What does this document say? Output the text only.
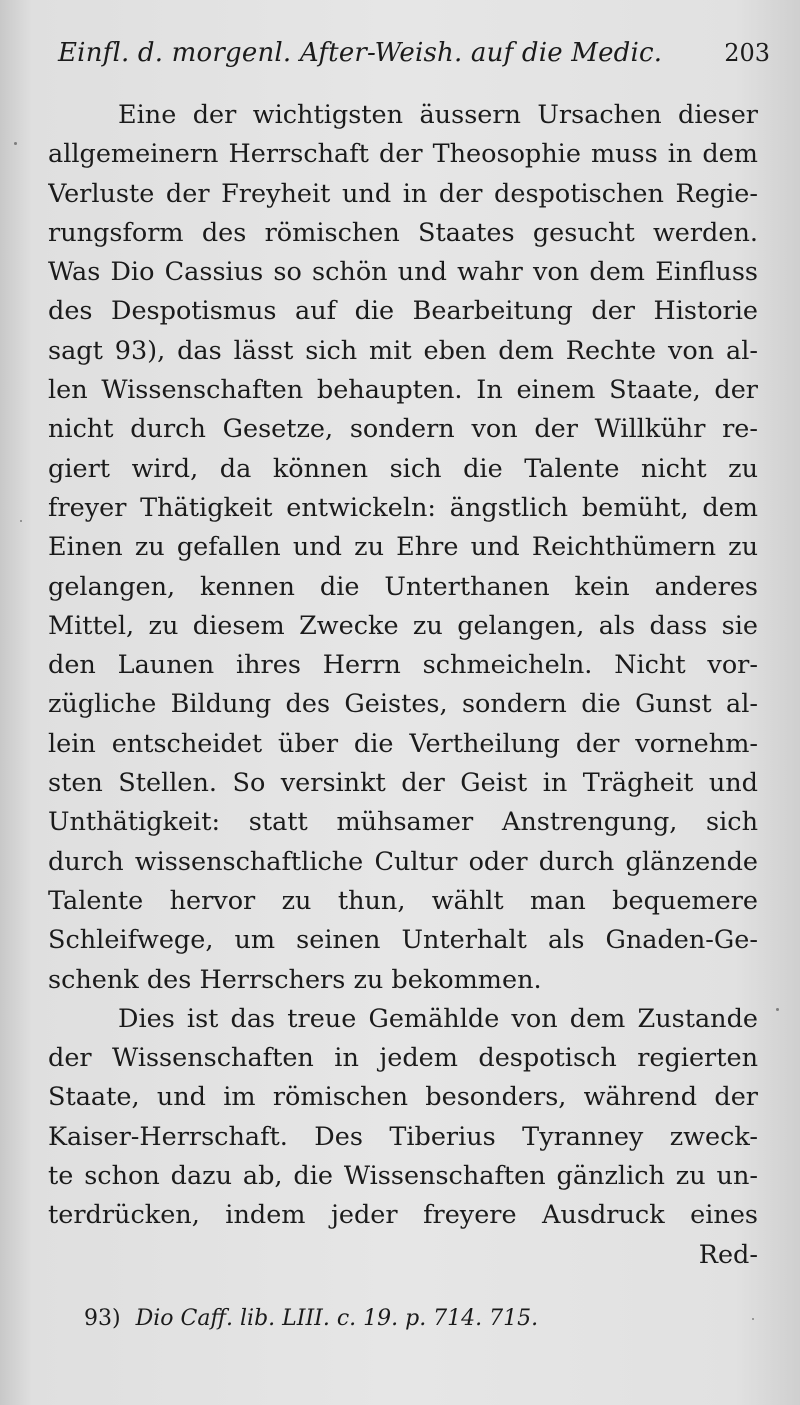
Einfl. d. morgenl. After-Weish. auf die Medic.	203
Eine der wichtigsten äussern Ursachen dieser
allgemeinern Herrschaft der Theosophie muss in dem
Verluste der Freyheit und in der despotischen Regie-
rungsform des römischen Staates gesucht werden.
Was Dio Cassius so schön und wahr von dem Einfluss
des Despotismus auf die Bearbeitung der Historie
sagt 93), das lässt sich mit eben dem Rechte von al-
len Wissenschaften behaupten. In einem Staate, der
nicht durch Gesetze, sondern von der Willkühr re-
giert wird, da können sich die Talente nicht zu
freyer Thätigkeit entwickeln: ängstlich bemüht, dem
Einen zu gefallen und zu Ehre und Reichthümern zu
gelangen, kennen die Unterthanen kein anderes
Mittel, zu diesem Zwecke zu gelangen, als dass sie
den Launen ihres Herrn schmeicheln. Nicht vor-
zügliche Bildung des Geistes, sondern die Gunst al-
lein entscheidet über die Vertheilung der vornehm-
sten Stellen. So versinkt der Geist in Trägheit und
Unthätigkeit: statt mühsamer Anstrengung, sich
durch wissenschaftliche Cultur oder durch glänzende
Talente hervor zu thun, wählt man bequemere
Schleifwege, um seinen Unterhalt als Gnaden-Ge-
schenk des Herrschers zu bekommen.
Dies ist das treue Gemählde von dem Zustande
der Wissenschaften in jedem despotisch regierten
Staate, und im römischen besonders, während der
Kaiser-Herrschaft. Des Tiberius Tyranney zweck-
te schon dazu ab, die Wissenschaften gänzlich zu un-
terdrücken, indem jeder freyere Ausdruck eines
Red-
93) Dio Caff. lib. LIII. c. 19. p. 714. 715.
